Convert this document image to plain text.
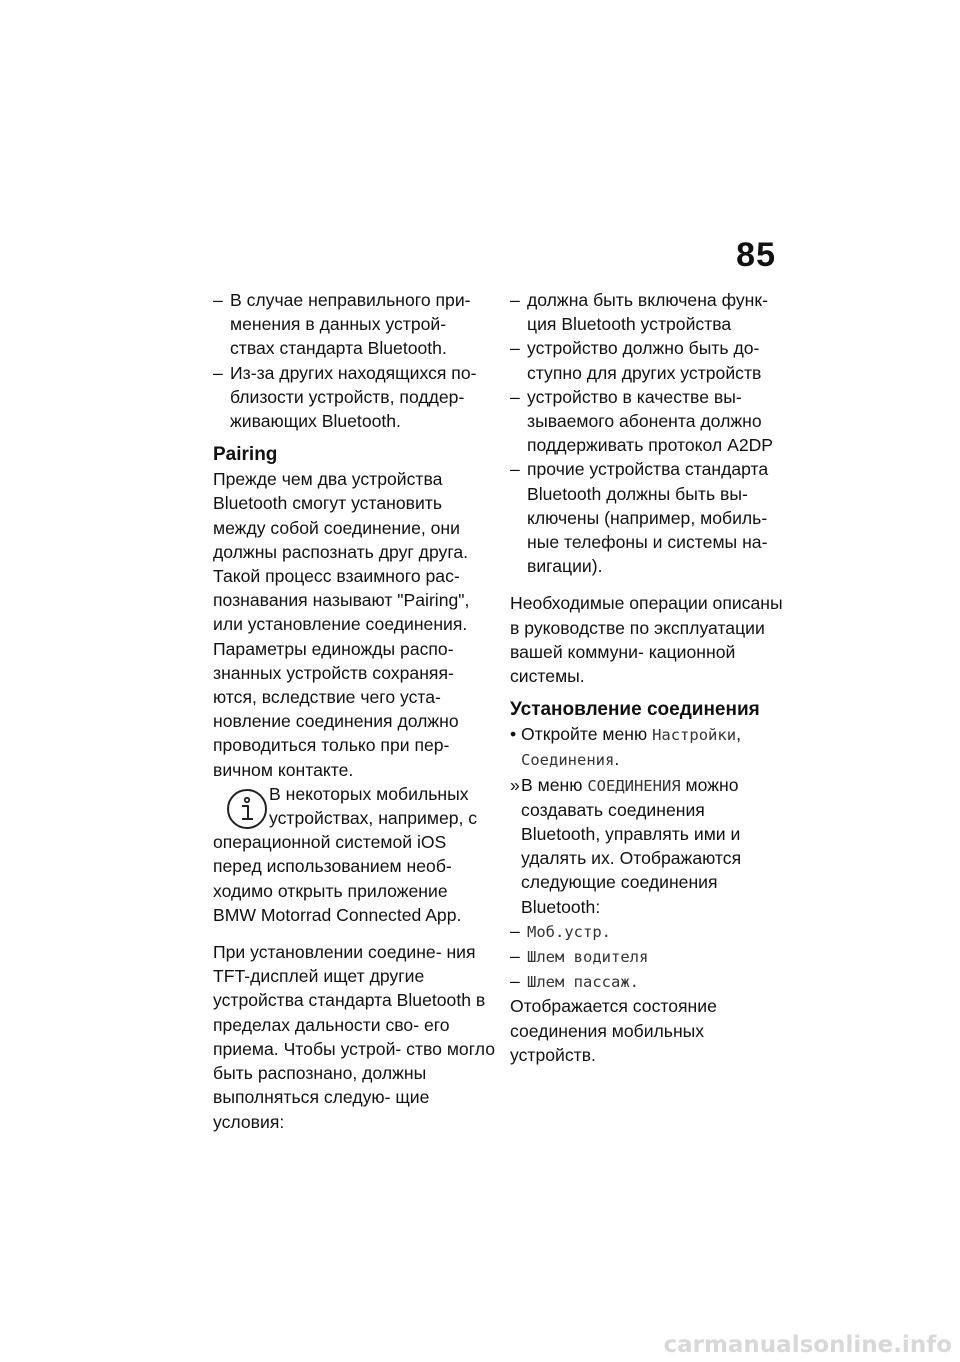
85

– В случае неправильного при- менения в данных устрой- ствах стандарта Bluetooth.

– Из-за других находящихся по- близости устройств, поддер- живающих Bluetooth.

Pairing

Прежде чем два устройства Bluetooth смогут установить между собой соединение, они должны распознать друг друга. Такой процесс взаимного рас- познавания называют "Pairing", или установление соединения. Параметры единожды распо- знанных устройств сохраняя- ются, вследствие чего уста- новление соединения должно проводиться только при пер- вичном контакте.

В некоторых мобильных

устройствах, например, с

операционной системой iOS перед использованием необ- ходимо открыть приложение BMW Motorrad Connected App.

При установлении соедине- ния TFT-дисплей ищет другие устройства стандарта Bluetooth в пределах дальности сво- его приема. Чтобы устрой- ство могло быть распознано, должны выполняться следую- щие условия:

– должна быть включена функ- ция Bluetooth устройства

– устройство должно быть до- ступно для других устройств

– устройство в качестве вы- зываемого абонента должно поддерживать протокол A2DP

– прочие устройства стандарта Bluetooth должны быть вы- ключены (например, мобиль- ные телефоны и системы на- вигации).

Необходимые операции описаны в руководстве по эксплуатации вашей коммуни- кационной системы.

Установление соединения

• Откройте меню Настройки, Соединения.

» В меню СОЕДИНЕНИЯ можно создавать соединения Bluetooth, управлять ими и удалять их. Отображаются следующие соединения Bluetooth:

– Моб.устр.

– Шлем водителя

– Шлем пассаж.

Отображается состояние соединения мобильных устройств.

carmanualsonline.info
